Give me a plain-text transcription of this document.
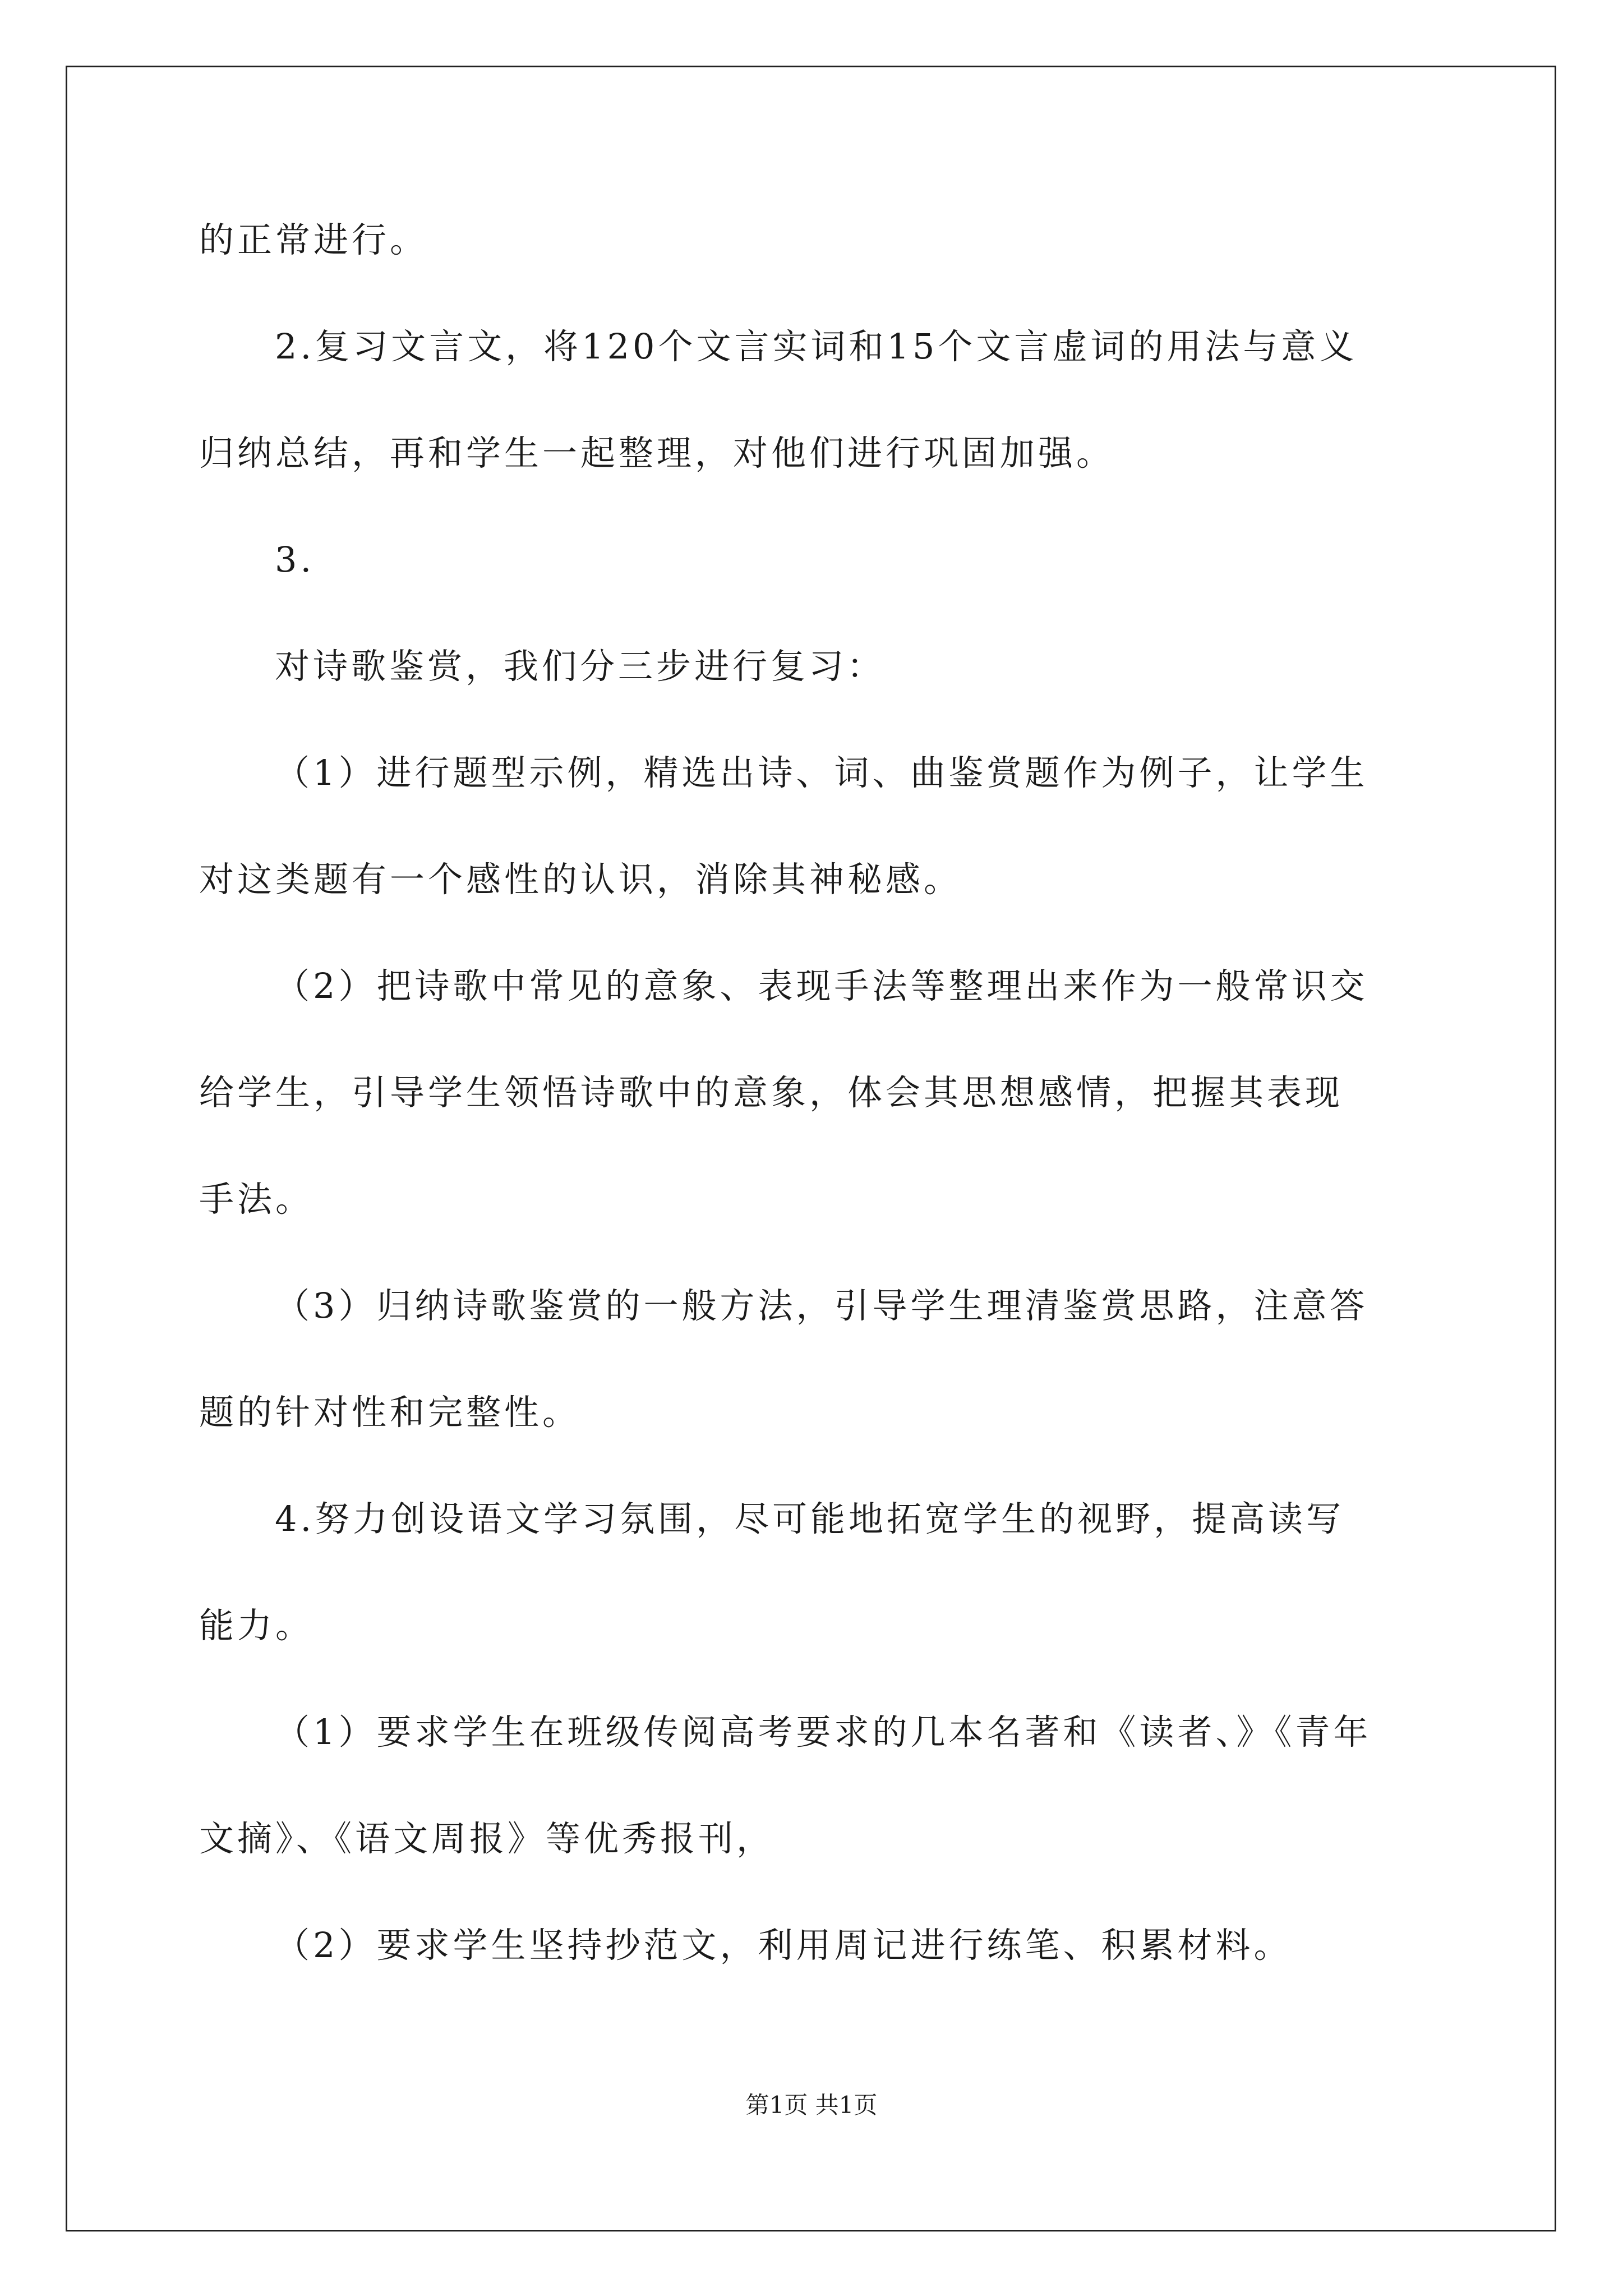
的正常进行。
2.复习文言文，将120个文言实词和15个文言虚词的用法与意义
归纳总结，再和学生一起整理，对他们进行巩固加强。
3.
对诗歌鉴赏，我们分三步进行复习：
（1）进行题型示例，精选出诗、词、曲鉴赏题作为例子，让学生
对这类题有一个感性的认识，消除其神秘感。
（2）把诗歌中常见的意象、表现手法等整理出来作为一般常识交
给学生，引导学生领悟诗歌中的意象，体会其思想感情，把握其表现
手法。
（3）归纳诗歌鉴赏的一般方法，引导学生理清鉴赏思路，注意答
题的针对性和完整性。
4.努力创设语文学习氛围，尽可能地拓宽学生的视野，提高读写
能力。
（1）要求学生在班级传阅高考要求的几本名著和《读者、》《青年
文摘》、《语文周报》等优秀报刊，
（2）要求学生坚持抄范文，利用周记进行练笔、积累材料。
第1页 共1页
